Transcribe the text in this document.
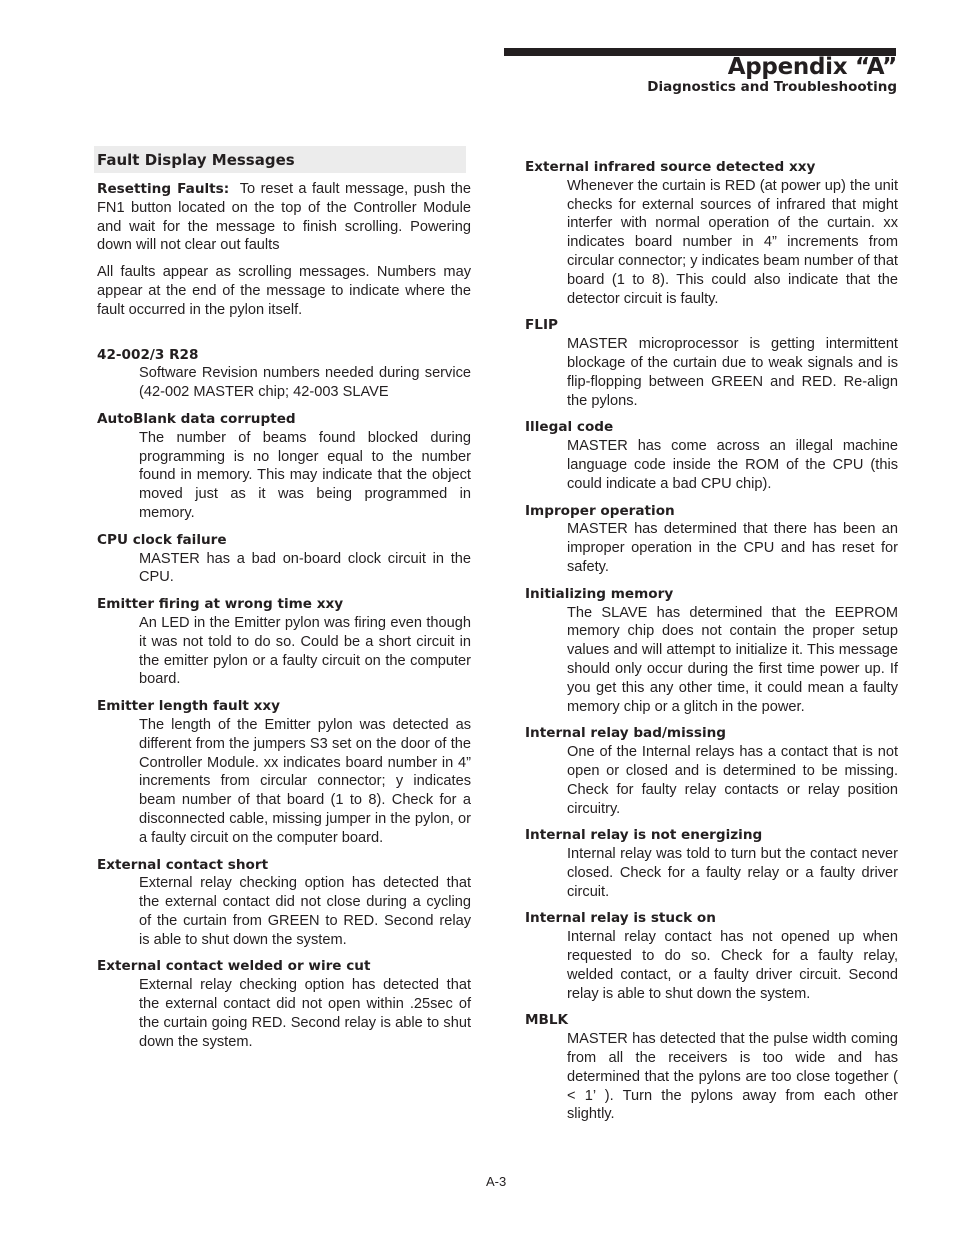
Appendix “A”
Diagnostics and Troubleshooting
Fault Display Messages

Resetting Faults: To reset a fault message, push the FN1 button located on the top of the Controller Module and wait for the message to finish scrolling. Powering down will not clear out faults

All faults appear as scrolling messages. Numbers may appear at the end of the message to indicate where the fault occurred in the pylon itself.

42-002/3 R28
Software Revision numbers needed during service (42-002 MASTER chip; 42-003 SLAVE
AutoBlank data corrupted
The number of beams found blocked during programming is no longer equal to the number found in memory. This may indicate that the object moved just as it was being programmed in memory.
CPU clock failure
MASTER has a bad on-board clock circuit in the CPU.
Emitter firing at wrong time xxy
An LED in the Emitter pylon was firing even though it was not told to do so. Could be a short circuit in the emitter pylon or a faulty circuit on the computer board.
Emitter length fault xxy
The length of the Emitter pylon was detected as different from the jumpers S3 set on the door of the Controller Module. xx indicates board number in 4” increments from circular connector; y indicates beam number of that board (1 to 8). Check for a disconnected cable, missing jumper in the pylon, or a faulty circuit on the computer board.
External contact short
External relay checking option has detected that the external contact did not close during a cycling of the curtain from GREEN to RED. Second relay is able to shut down the system.
External contact welded or wire cut
External relay checking option has detected that the external contact did not open within .25sec of the curtain going RED. Second relay is able to shut down the system.
External infrared source detected xxy
Whenever the curtain is RED (at power up) the unit checks for external sources of infrared that might interfer with normal operation of the curtain. xx indicates board number in 4” increments from circular connector; y indicates beam number of that board (1 to 8). This could also indicate that the detector circuit is faulty.
FLIP
MASTER microprocessor is getting intermittent blockage of the curtain due to weak signals and is flip-flopping between GREEN and RED. Re-align the pylons.
Illegal code
MASTER has come across an illegal machine language code inside the ROM of the CPU (this could indicate a bad CPU chip).
Improper operation
MASTER has determined that there has been an improper operation in the CPU and has reset for safety.
Initializing memory
The SLAVE has determined that the EEPROM memory chip does not contain the proper setup values and will attempt to initialize it. This message should only occur during the first time power up. If you get this any other time, it could mean a faulty memory chip or a glitch in the power.
Internal relay bad/missing
One of the Internal relays has a contact that is not open or closed and is determined to be missing. Check for faulty relay contacts or relay position circuitry.
Internal relay is not energizing
Internal relay was told to turn but the contact never closed. Check for a faulty relay or a faulty driver circuit.
Internal relay is stuck on
Internal relay contact has not opened up when requested to do so. Check for a faulty relay, welded contact, or a faulty driver circuit. Second relay is able to shut down the system.
MBLK
MASTER has detected that the pulse width coming from all the receivers is too wide and has determined that the pylons are too close together ( < 1’ ). Turn the pylons away from each other slightly.
A-3
